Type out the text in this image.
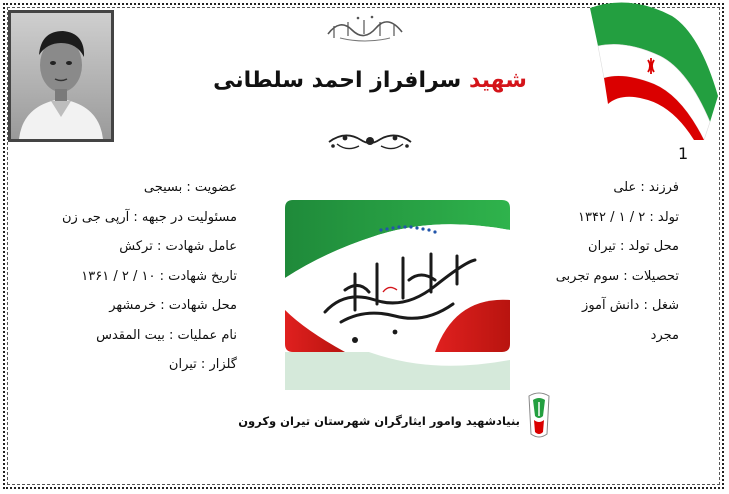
شهید سرافراز احمد سلطانی
1
فرزند : علی
تولد : ۲ / ۱ / ۱۳۴۲
محل تولد : تیران
تحصیلات : سوم تجربی
شغل : دانش آموز
مجرد
عضویت : بسیجی
مسئولیت در جبهه : آرپی جی زن
عامل شهادت : ترکش
تاریخ شهادت : ۱۰ / ۲ / ۱۳۶۱
محل شهادت : خرمشهر
نام عملیات : بیت المقدس
گلزار : تیران
بنیادشهید وامور ایثارگران شهرستان تیران وکرون
